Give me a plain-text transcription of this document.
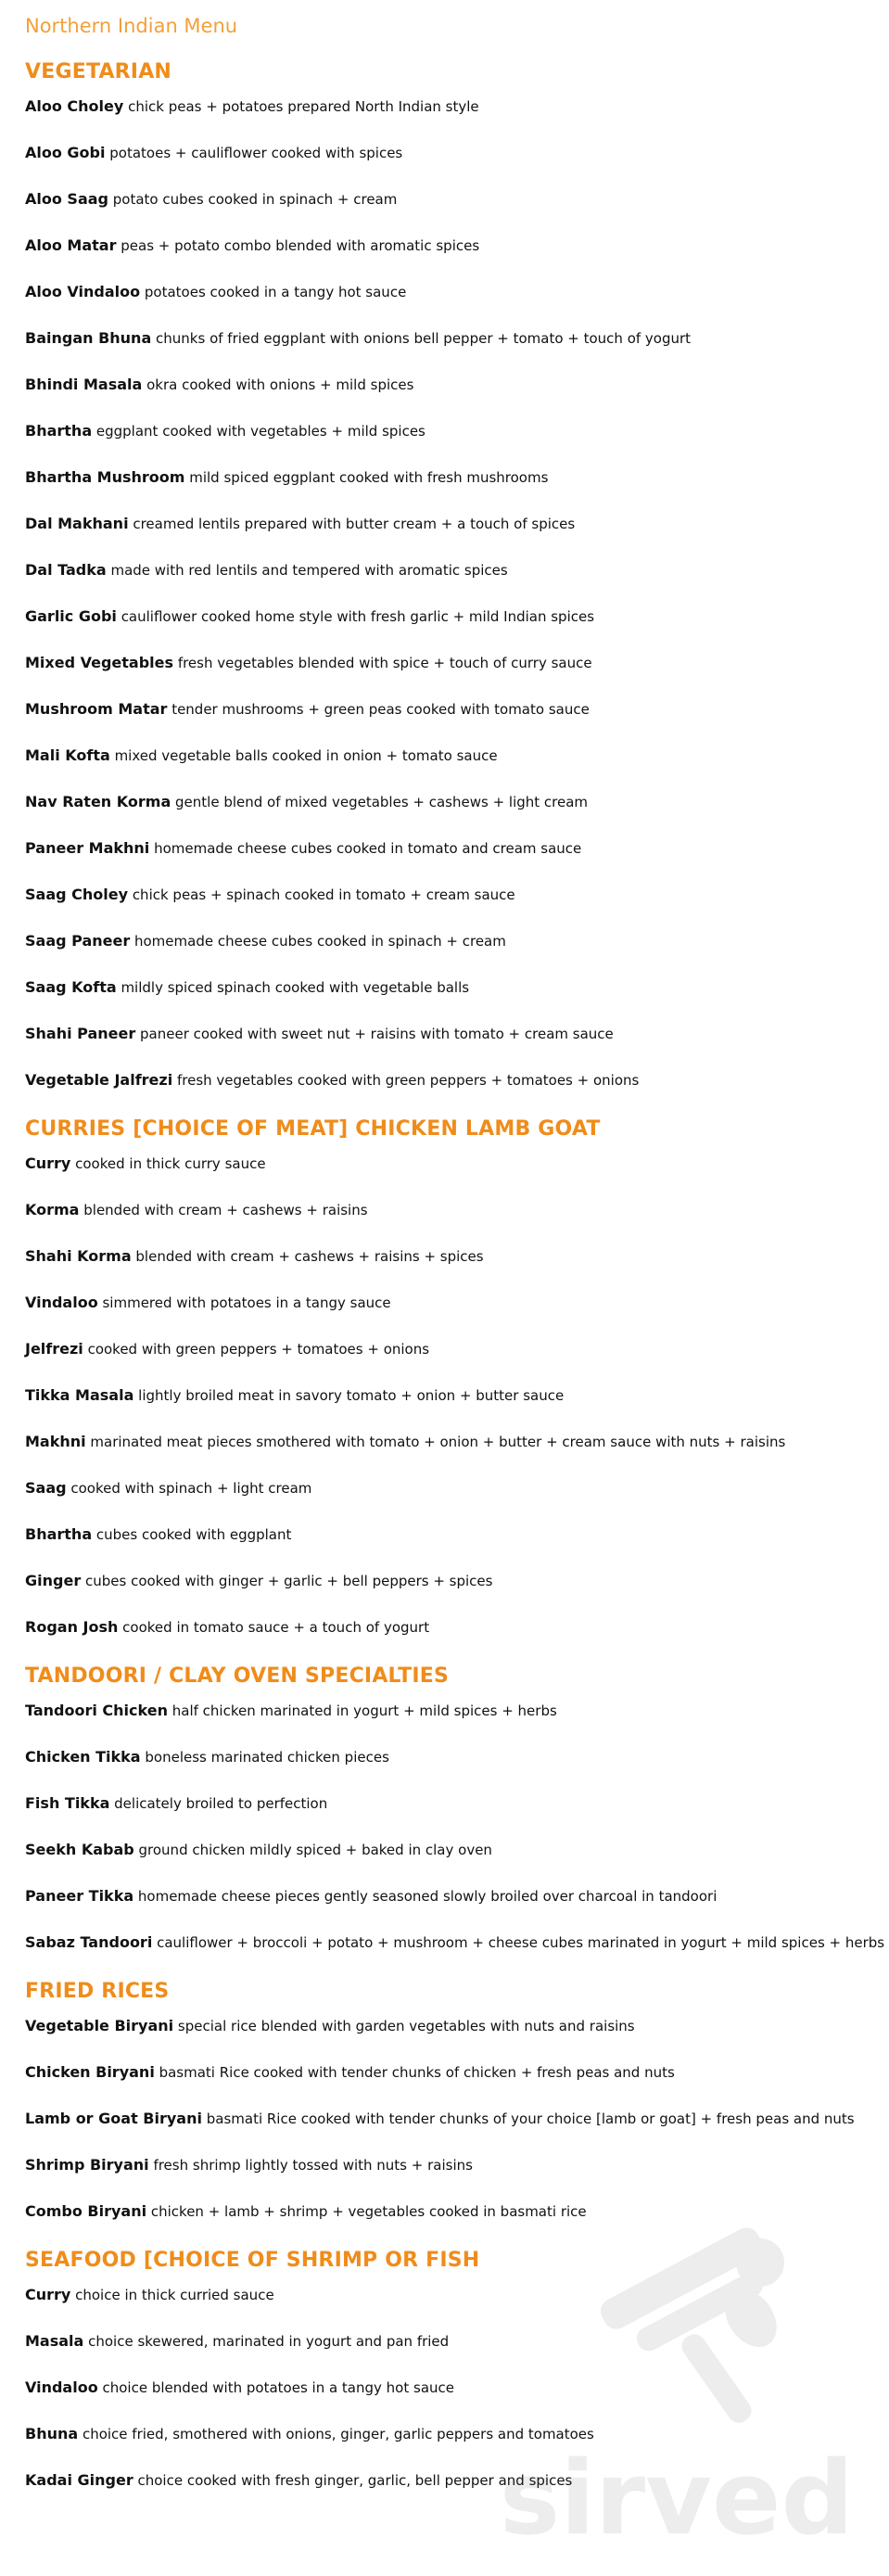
Northern Indian Menu
VEGETARIAN
Aloo Choley chick peas + potatoes prepared North Indian style
Aloo Gobi potatoes + cauliflower cooked with spices
Aloo Saag potato cubes cooked in spinach + cream
Aloo Matar peas + potato combo blended with aromatic spices
Aloo Vindaloo potatoes cooked in a tangy hot sauce
Baingan Bhuna chunks of fried eggplant with onions bell pepper + tomato + touch of yogurt
Bhindi Masala okra cooked with onions + mild spices
Bhartha eggplant cooked with vegetables + mild spices
Bhartha Mushroom mild spiced eggplant cooked with fresh mushrooms
Dal Makhani creamed lentils prepared with butter cream + a touch of spices
Dal Tadka made with red lentils and tempered with aromatic spices
Garlic Gobi cauliflower cooked home style with fresh garlic + mild Indian spices
Mixed Vegetables fresh vegetables blended with spice + touch of curry sauce
Mushroom Matar tender mushrooms + green peas cooked with tomato sauce
Mali Kofta mixed vegetable balls cooked in onion + tomato sauce
Nav Raten Korma gentle blend of mixed vegetables + cashews + light cream
Paneer Makhni homemade cheese cubes cooked in tomato and cream sauce
Saag Choley chick peas + spinach cooked in tomato + cream sauce
Saag Paneer homemade cheese cubes cooked in spinach + cream
Saag Kofta mildly spiced spinach cooked with vegetable balls
Shahi Paneer paneer cooked with sweet nut + raisins with tomato + cream sauce
Vegetable Jalfrezi fresh vegetables cooked with green peppers + tomatoes + onions
CURRIES [CHOICE OF MEAT] CHICKEN LAMB GOAT
Curry cooked in thick curry sauce
Korma blended with cream + cashews + raisins
Shahi Korma blended with cream + cashews + raisins + spices
Vindaloo simmered with potatoes in a tangy sauce
Jelfrezi cooked with green peppers + tomatoes + onions
Tikka Masala lightly broiled meat in savory tomato + onion + butter sauce
Makhni marinated meat pieces smothered with tomato + onion + butter + cream sauce with nuts + raisins
Saag cooked with spinach + light cream
Bhartha cubes cooked with eggplant
Ginger cubes cooked with ginger + garlic + bell peppers + spices
Rogan Josh cooked in tomato sauce + a touch of yogurt
TANDOORI / CLAY OVEN SPECIALTIES
Tandoori Chicken half chicken marinated in yogurt + mild spices + herbs
Chicken Tikka boneless marinated chicken pieces
Fish Tikka delicately broiled to perfection
Seekh Kabab ground chicken mildly spiced + baked in clay oven
Paneer Tikka homemade cheese pieces gently seasoned slowly broiled over charcoal in tandoori
Sabaz Tandoori cauliflower + broccoli + potato + mushroom + cheese cubes marinated in yogurt + mild spices + herbs
FRIED RICES
Vegetable Biryani special rice blended with garden vegetables with nuts and raisins
Chicken Biryani basmati Rice cooked with tender chunks of chicken + fresh peas and nuts
Lamb or Goat Biryani basmati Rice cooked with tender chunks of your choice [lamb or goat] + fresh peas and nuts
Shrimp Biryani fresh shrimp lightly tossed with nuts + raisins
Combo Biryani chicken + lamb + shrimp + vegetables cooked in basmati rice
SEAFOOD [CHOICE OF SHRIMP OR FISH
Curry choice in thick curried sauce
Masala choice skewered, marinated in yogurt and pan fried
Vindaloo choice blended with potatoes in a tangy hot sauce
Bhuna choice fried, smothered with onions, ginger, garlic peppers and tomatoes
Kadai Ginger choice cooked with fresh ginger, garlic, bell pepper and spices
sirved
